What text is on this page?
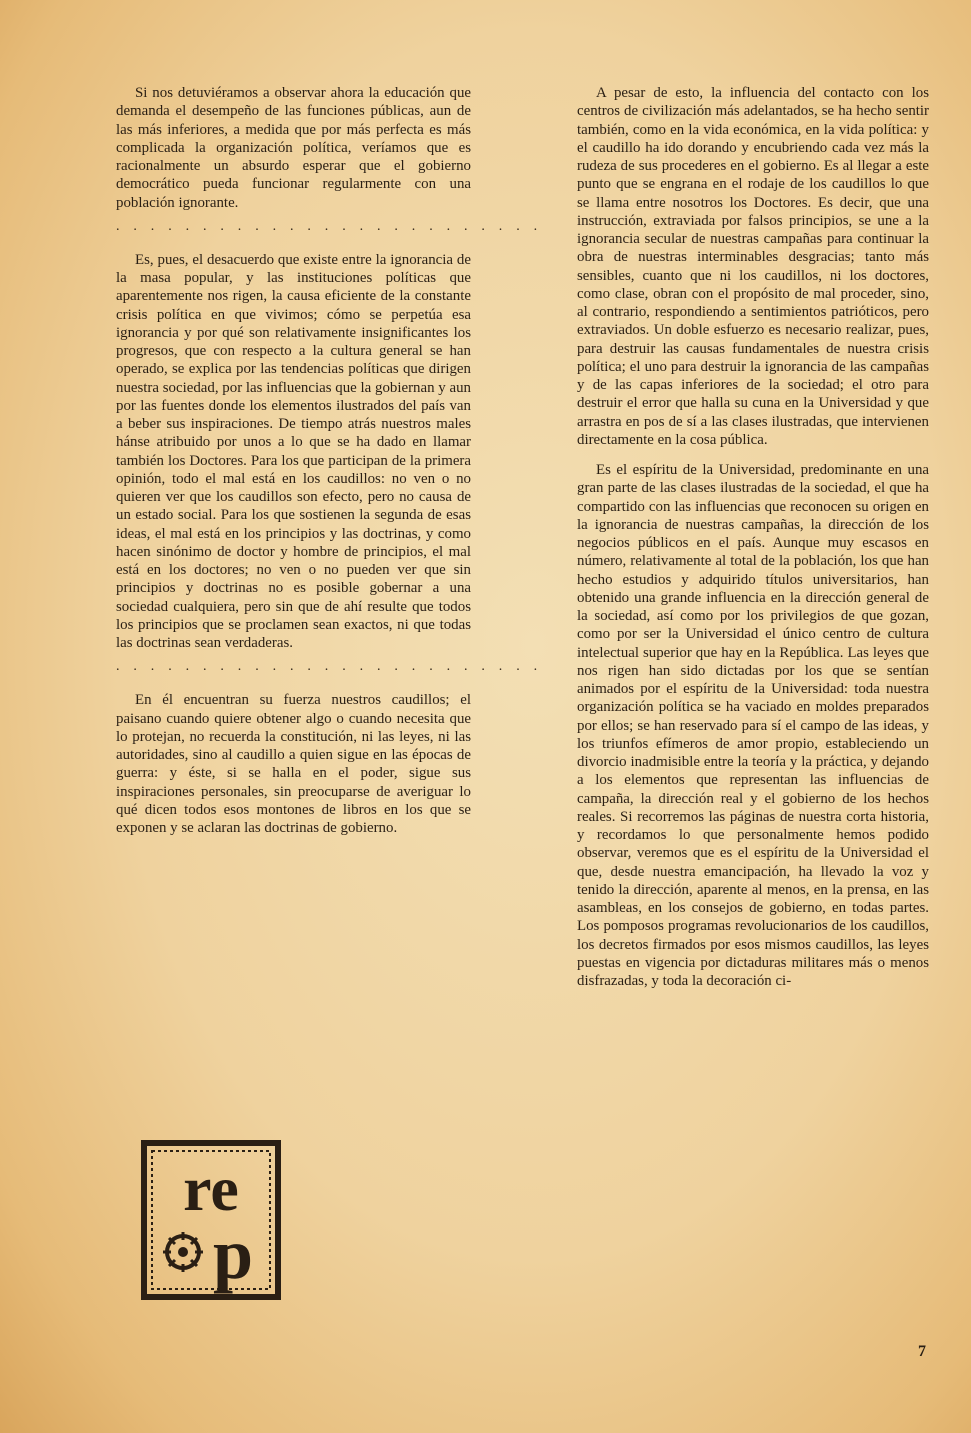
Si nos detuviéramos a observar ahora la educación que demanda el desempeño de las funciones públicas, aun de las más inferiores, a medida que por más perfecta es más complicada la organización política, veríamos que es racionalmente un absurdo esperar que el gobierno democrático pueda funcionar regularmente con una población ignorante.

. . . . . . . . . . . . . . . . . . . . . . . . .

Es, pues, el desacuerdo que existe entre la ignorancia de la masa popular, y las instituciones políticas que aparentemente nos rigen, la causa eficiente de la constante crisis política en que vivimos; cómo se perpetúa esa ignorancia y por qué son relativamente insignificantes los progresos, que con respecto a la cultura general se han operado, se explica por las tendencias políticas que dirigen nuestra sociedad, por las influencias que la gobiernan y aun por las fuentes donde los elementos ilustrados del país van a beber sus inspiraciones. De tiempo atrás nuestros males hánse atribuido por unos a lo que se ha dado en llamar también los Doctores. Para los que participan de la primera opinión, todo el mal está en los caudillos: no ven o no quieren ver que los caudillos son efecto, pero no causa de un estado social. Para los que sostienen la segunda de esas ideas, el mal está en los principios y las doctrinas, y como hacen sinónimo de doctor y hombre de principios, el mal está en los doctores; no ven o no pueden ver que sin principios y doctrinas no es posible gobernar a una sociedad cualquiera, pero sin que de ahí resulte que todos los principios que se proclamen sean exactos, ni que todas las doctrinas sean verdaderas.

. . . . . . . . . . . . . . . . . . . . . . . . .

En él encuentran su fuerza nuestros caudillos; el paisano cuando quiere obtener algo o cuando necesita que lo protejan, no recuerda la constitución, ni las leyes, ni las autoridades, sino al caudillo a quien sigue en las épocas de guerra: y éste, si se halla en el poder, sigue sus inspiraciones personales, sin preocuparse de averiguar lo qué dicen todos esos montones de libros en los que se exponen y se aclaran las doctrinas de gobierno.

A pesar de esto, la influencia del contacto con los centros de civilización más adelantados, se ha hecho sentir también, como en la vida económica, en la vida política: y el caudillo ha ido dorando y encubriendo cada vez más la rudeza de sus procederes en el gobierno. Es al llegar a este punto que se engrana en el rodaje de los caudillos lo que se llama entre nosotros los Doctores. Es decir, que una instrucción, extraviada por falsos principios, se une a la ignorancia secular de nuestras campañas para continuar la obra de nuestras interminables desgracias; tanto más sensibles, cuanto que ni los caudillos, ni los doctores, como clase, obran con el propósito de mal proceder, sino, al contrario, respondiendo a sentimientos patrióticos, pero extraviados. Un doble esfuerzo es necesario realizar, pues, para destruir las causas fundamentales de nuestra crisis política; el uno para destruir la ignorancia de las campañas y de las capas inferiores de la sociedad; el otro para destruir el error que halla su cuna en la Universidad y que arrastra en pos de sí a las clases ilustradas, que intervienen directamente en la cosa pública.

Es el espíritu de la Universidad, predominante en una gran parte de las clases ilustradas de la sociedad, el que ha compartido con las influencias que reconocen su origen en la ignorancia de nuestras campañas, la dirección de los negocios públicos en el país. Aunque muy escasos en número, relativamente al total de la población, los que han hecho estudios y adquirido títulos universitarios, han obtenido una grande influencia en la dirección general de la sociedad, así como por los privilegios de que gozan, como por ser la Universidad el único centro de cultura intelectual superior que hay en la República. Las leyes que nos rigen han sido dictadas por los que se sentían animados por el espíritu de la Universidad: toda nuestra organización política se ha vaciado en moldes preparados por ellos; se han reservado para sí el campo de las ideas, y los triunfos efímeros de amor propio, estableciendo un divorcio inadmisible entre la teoría y la práctica, y dejando a los elementos que representan las influencias de campaña, la dirección real y el gobierno de los hechos reales. Si recorremos las páginas de nuestra corta historia, y recordamos lo que personalmente hemos podido observar, veremos que es el espíritu de la Universidad el que, desde nuestra emancipación, ha llevado la voz y tenido la dirección, aparente al menos, en la prensa, en las asambleas, en los consejos de gobierno, en todas partes. Los pomposos programas revolucionarios de los caudillos, los decretos firmados por esos mismos caudillos, las leyes puestas en vigencia por dictaduras militares más o menos disfrazadas, y toda la decoración ci-

re
p
7
